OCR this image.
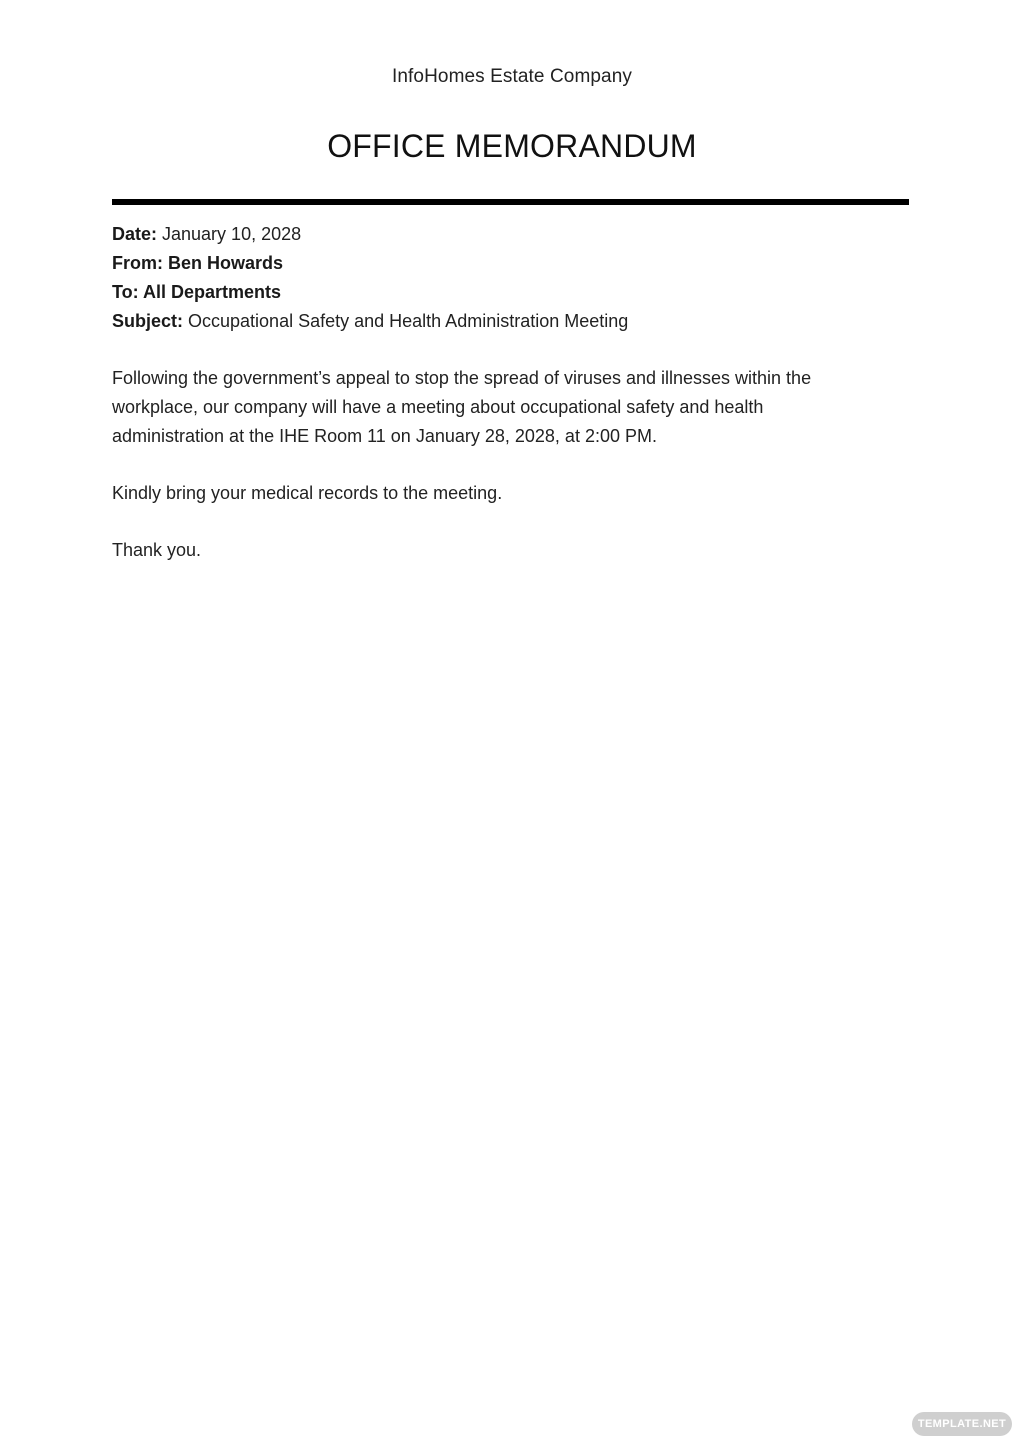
InfoHomes Estate Company
OFFICE MEMORANDUM
Date: January 10, 2028
From: Ben Howards
To: All Departments
Subject: Occupational Safety and Health Administration Meeting

Following the government’s appeal to stop the spread of viruses and illnesses within the workplace, our company will have a meeting about occupational safety and health administration at the IHE Room 11 on January 28, 2028, at 2:00 PM.

Kindly bring your medical records to the meeting.

Thank you.

TEMPLATE.NET
